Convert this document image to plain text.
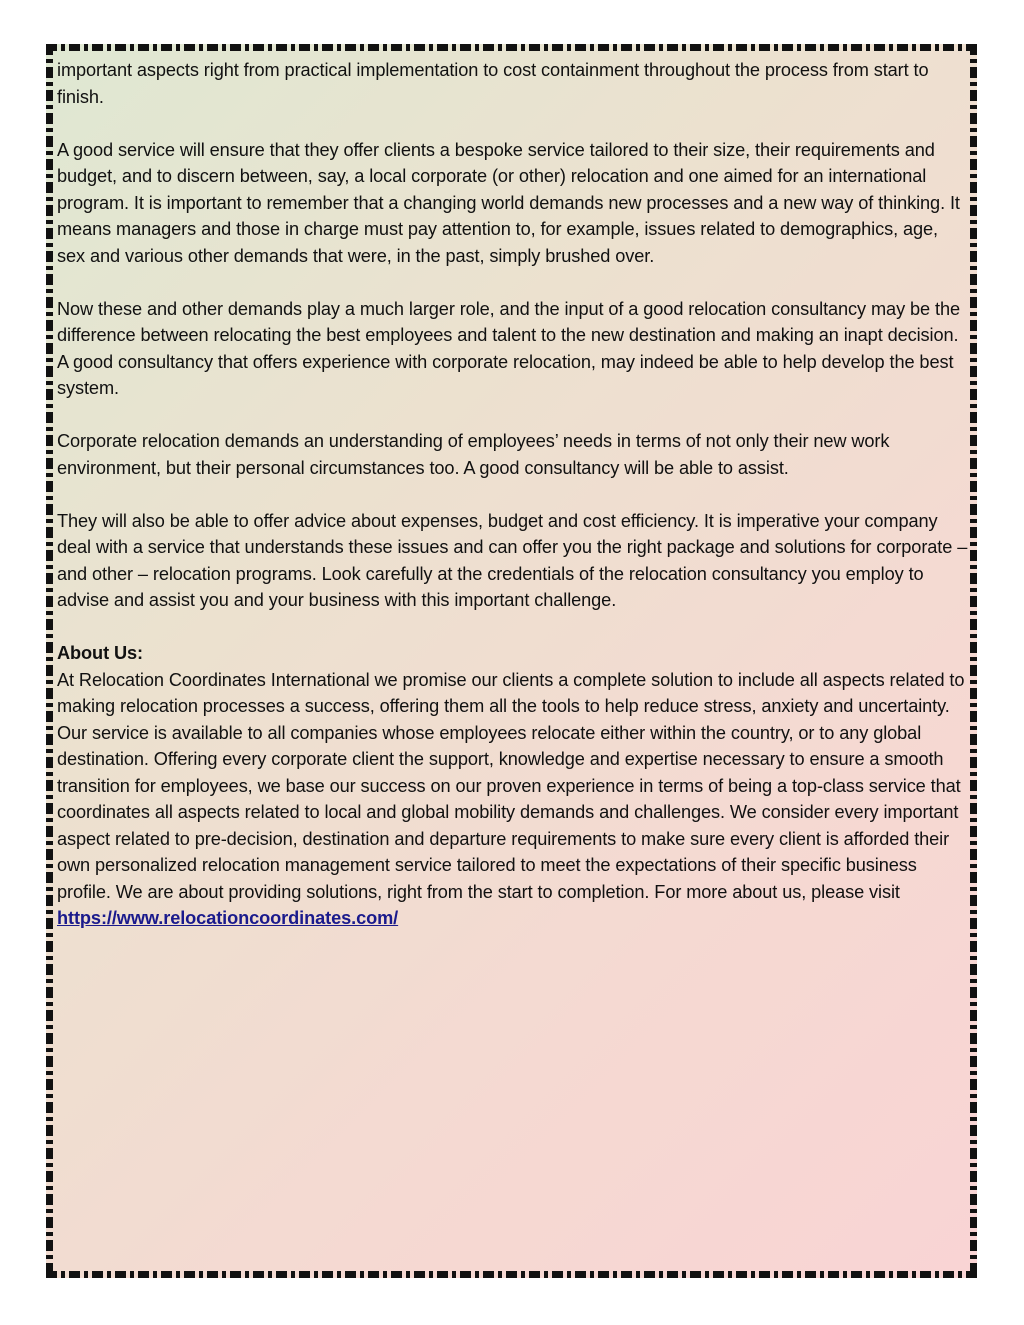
important aspects right from practical implementation to cost containment throughout the process from start to finish.

A good service will ensure that they offer clients a bespoke service tailored to their size, their requirements and budget, and to discern between, say, a local corporate (or other) relocation and one aimed for an international program. It is important to remember that a changing world demands new processes and a new way of thinking. It means managers and those in charge must pay attention to, for example, issues related to demographics, age, sex and various other demands that were, in the past, simply brushed over.

Now these and other demands play a much larger role, and the input of a good relocation consultancy may be the difference between relocating the best employees and talent to the new destination and making an inapt decision. A good consultancy that offers experience with corporate relocation, may indeed be able to help develop the best system.

Corporate relocation demands an understanding of employees’ needs in terms of not only their new work environment, but their personal circumstances too. A good consultancy will be able to assist.

They will also be able to offer advice about expenses, budget and cost efficiency. It is imperative your company deal with a service that understands these issues and can offer you the right package and solutions for corporate – and other – relocation programs. Look carefully at the credentials of the relocation consultancy you employ to advise and assist you and your business with this important challenge.

About Us:
At Relocation Coordinates International we promise our clients a complete solution to include all aspects related to making relocation processes a success, offering them all the tools to help reduce stress, anxiety and uncertainty. Our service is available to all companies whose employees relocate either within the country, or to any global destination. Offering every corporate client the support, knowledge and expertise necessary to ensure a smooth transition for employees, we base our success on our proven experience in terms of being a top-class service that coordinates all aspects related to local and global mobility demands and challenges. We consider every important aspect related to pre-decision, destination and departure requirements to make sure every client is afforded their own personalized relocation management service tailored to meet the expectations of their specific business profile. We are about providing solutions, right from the start to completion. For more about us, please visit https://www.relocationcoordinates.com/
